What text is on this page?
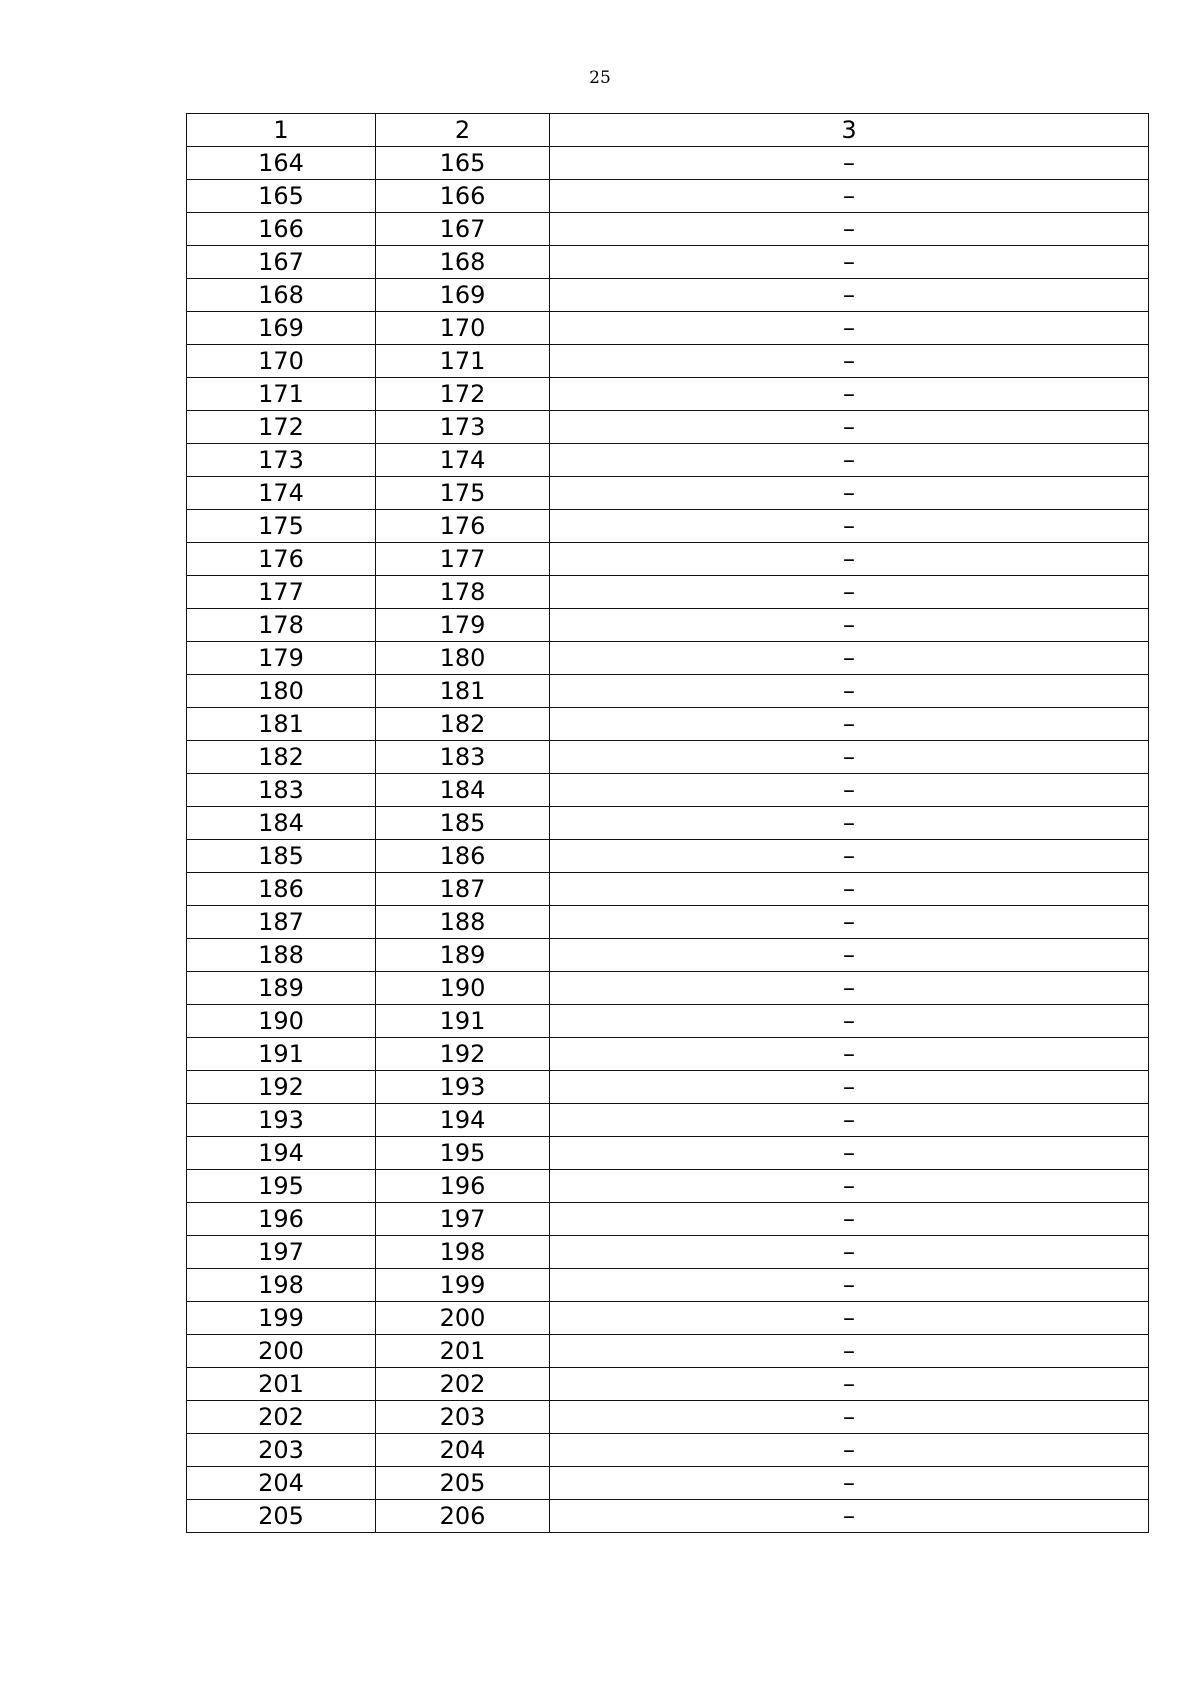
25
1	2	3
164	165	–
165	166	–
166	167	–
167	168	–
168	169	–
169	170	–
170	171	–
171	172	–
172	173	–
173	174	–
174	175	–
175	176	–
176	177	–
177	178	–
178	179	–
179	180	–
180	181	–
181	182	–
182	183	–
183	184	–
184	185	–
185	186	–
186	187	–
187	188	–
188	189	–
189	190	–
190	191	–
191	192	–
192	193	–
193	194	–
194	195	–
195	196	–
196	197	–
197	198	–
198	199	–
199	200	–
200	201	–
201	202	–
202	203	–
203	204	–
204	205	–
205	206	–
